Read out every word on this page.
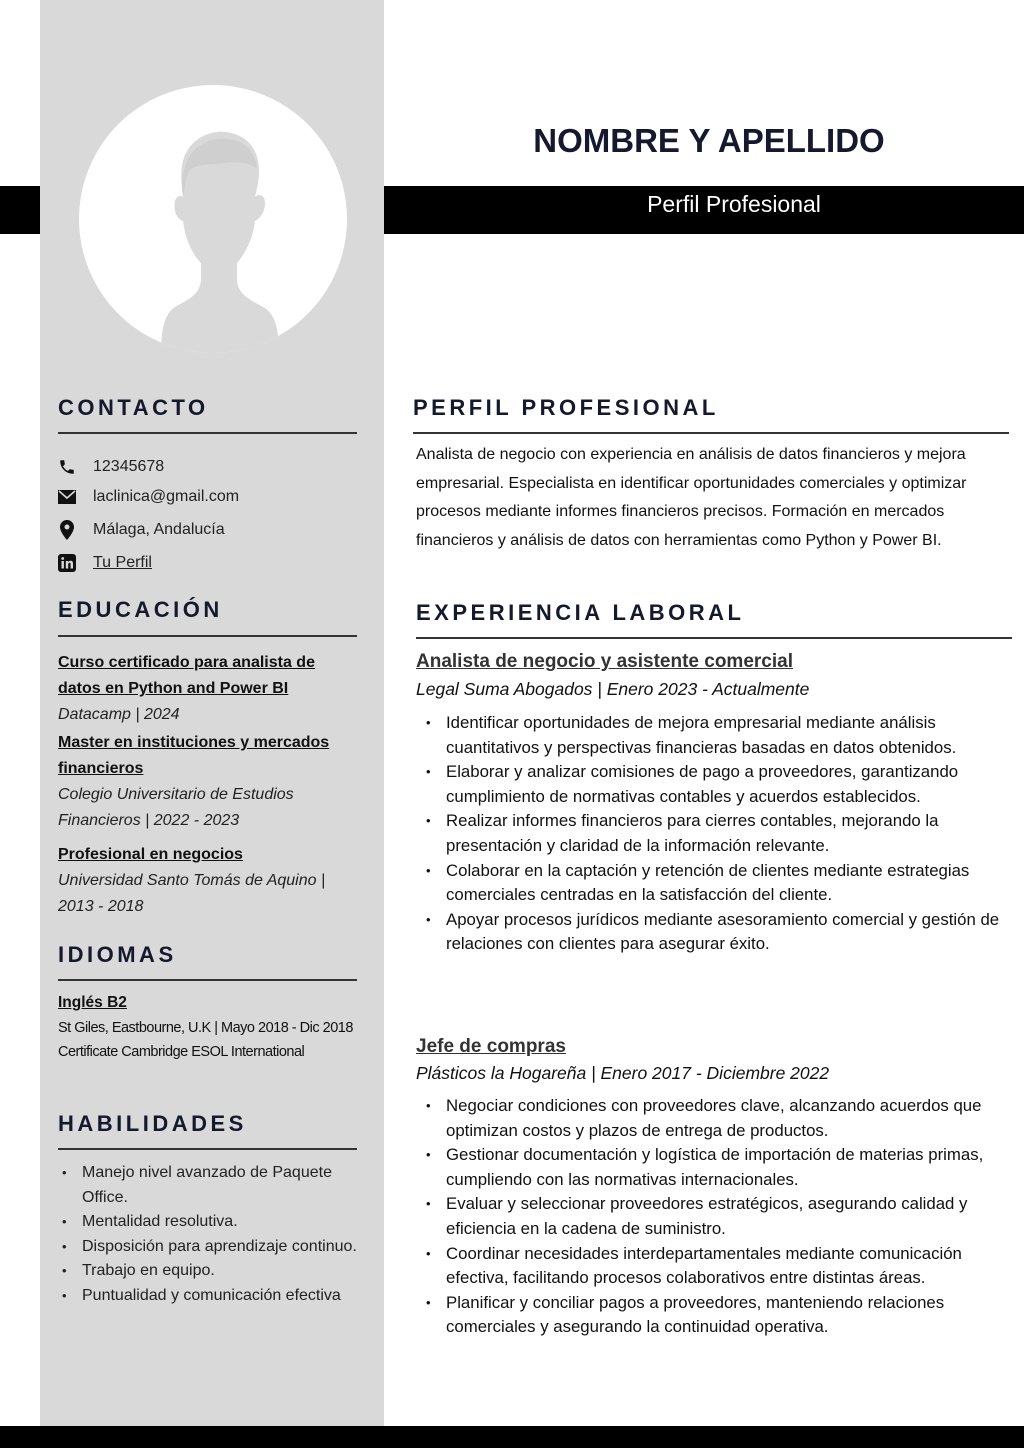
NOMBRE Y APELLIDO
Perfil Profesional
CONTACTO
12345678
laclinica@gmail.com
Málaga, Andalucía
Tu Perfil
EDUCACIÓN
Curso certificado para analista de datos en Python and Power BI
Datacamp | 2024
Master en instituciones y mercados financieros
Colegio Universitario de Estudios Financieros | 2022 - 2023
Profesional en negocios
Universidad Santo Tomás de Aquino | 2013 - 2018
IDIOMAS
Inglés B2
St Giles, Eastbourne, U.K | Mayo 2018 - Dic 2018
Certificate Cambridge ESOL International
HABILIDADES
• Manejo nivel avanzado de Paquete Office.
• Mentalidad resolutiva.
• Disposición para aprendizaje continuo.
• Trabajo en equipo.
• Puntualidad y comunicación efectiva
PERFIL PROFESIONAL
Analista de negocio con experiencia en análisis de datos financieros y mejora empresarial. Especialista en identificar oportunidades comerciales y optimizar procesos mediante informes financieros precisos. Formación en mercados financieros y análisis de datos con herramientas como Python y Power BI.
EXPERIENCIA LABORAL
Analista de negocio y asistente comercial
Legal Suma Abogados | Enero 2023 - Actualmente
• Identificar oportunidades de mejora empresarial mediante análisis cuantitativos y perspectivas financieras basadas en datos obtenidos.
• Elaborar y analizar comisiones de pago a proveedores, garantizando cumplimiento de normativas contables y acuerdos establecidos.
• Realizar informes financieros para cierres contables, mejorando la presentación y claridad de la información relevante.
• Colaborar en la captación y retención de clientes mediante estrategias comerciales centradas en la satisfacción del cliente.
• Apoyar procesos jurídicos mediante asesoramiento comercial y gestión de relaciones con clientes para asegurar éxito.
Jefe de compras
Plásticos la Hogareña | Enero 2017 - Diciembre 2022
• Negociar condiciones con proveedores clave, alcanzando acuerdos que optimizan costos y plazos de entrega de productos.
• Gestionar documentación y logística de importación de materias primas, cumpliendo con las normativas internacionales.
• Evaluar y seleccionar proveedores estratégicos, asegurando calidad y eficiencia en la cadena de suministro.
• Coordinar necesidades interdepartamentales mediante comunicación efectiva, facilitando procesos colaborativos entre distintas áreas.
• Planificar y conciliar pagos a proveedores, manteniendo relaciones comerciales y asegurando la continuidad operativa.
